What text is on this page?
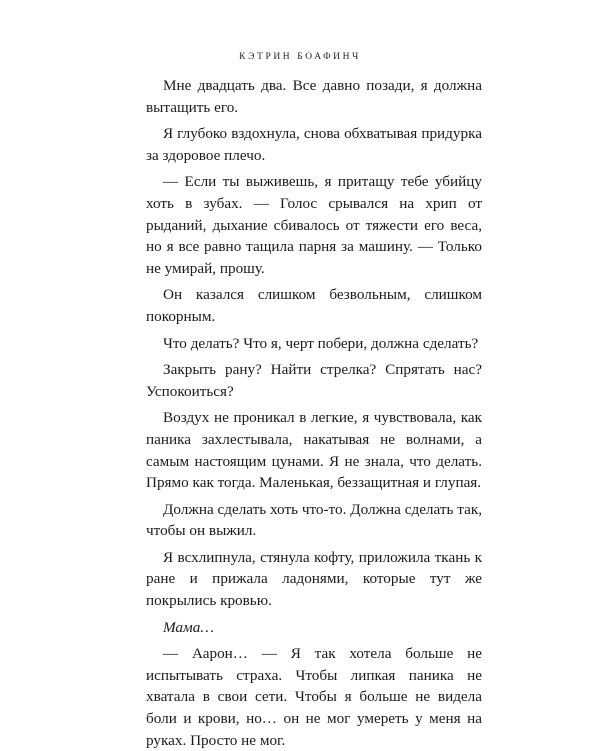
КЭТРИН БОАФИНЧ

Мне двадцать два. Все давно позади, я должна вытащить его.

Я глубоко вздохнула, снова обхватывая придурка за здоровое плечо.

— Если ты выживешь, я притащу тебе убийцу хоть в зубах. — Голос срывался на хрип от рыданий, дыхание сбивалось от тяжести его веса, но я все равно тащила парня за машину. — Только не умирай, прошу.

Он казался слишком безвольным, слишком покорным.

Что делать? Что я, черт побери, должна сделать?

Закрыть рану? Найти стрелка? Спрятать нас? Успокоиться?

Воздух не проникал в легкие, я чувствовала, как паника захлестывала, накатывая не волнами, а самым настоящим цунами. Я не знала, что делать. Прямо как тогда. Маленькая, беззащитная и глупая.

Должна сделать хоть что-то. Должна сделать так, чтобы он выжил.

Я всхлипнула, стянула кофту, приложила ткань к ране и прижала ладонями, которые тут же покрылись кровью.

Мама…

— Аарон… — Я так хотела больше не испытывать страха. Чтобы липкая паника не хватала в свои сети. Чтобы я больше не видела боли и крови, но… он не мог умереть у меня на руках. Просто не мог.
